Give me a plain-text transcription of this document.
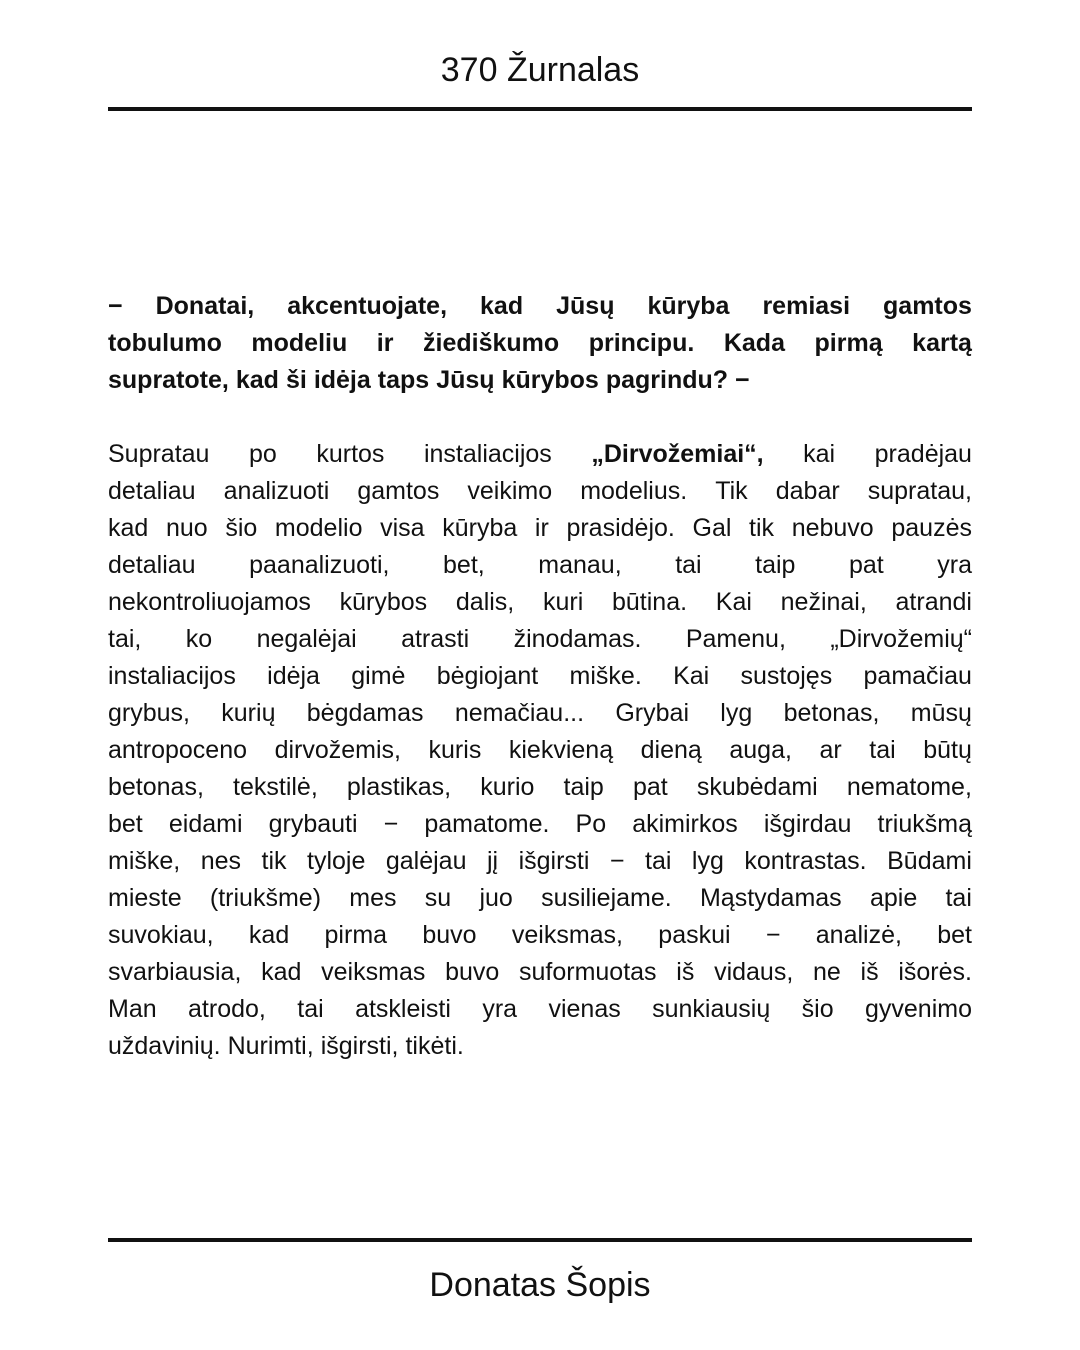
370 Žurnalas
− Donatai, akcentuojate, kad Jūsų kūryba remiasi gamtos
tobulumo modeliu ir žiediškumo principu. Kada pirmą kartą
supratote, kad ši idėja taps Jūsų kūrybos pagrindu? −
Supratau po kurtos instaliacijos „Dirvožemiai“, kai pradėjau
detaliau analizuoti gamtos veikimo modelius. Tik dabar supratau,
kad nuo šio modelio visa kūryba ir prasidėjo. Gal tik nebuvo pauzės
detaliau paanalizuoti, bet, manau, tai taip pat yra
nekontroliuojamos kūrybos dalis, kuri būtina. Kai nežinai, atrandi
tai, ko negalėjai atrasti žinodamas. Pamenu, „Dirvožemių“
instaliacijos idėja gimė bėgiojant miške. Kai sustojęs pamačiau
grybus, kurių bėgdamas nemačiau... Grybai lyg betonas, mūsų
antropoceno dirvožemis, kuris kiekvieną dieną auga, ar tai būtų
betonas, tekstilė, plastikas, kurio taip pat skubėdami nematome,
bet eidami grybauti − pamatome. Po akimirkos išgirdau triukšmą
miške, nes tik tyloje galėjau jį išgirsti − tai lyg kontrastas. Būdami
mieste (triukšme) mes su juo susiliejame. Mąstydamas apie tai
suvokiau, kad pirma buvo veiksmas, paskui − analizė, bet
svarbiausia, kad veiksmas buvo suformuotas iš vidaus, ne iš išorės.
Man atrodo, tai atskleisti yra vienas sunkiausių šio gyvenimo
uždavinių. Nurimti, išgirsti, tikėti.
Donatas Šopis
